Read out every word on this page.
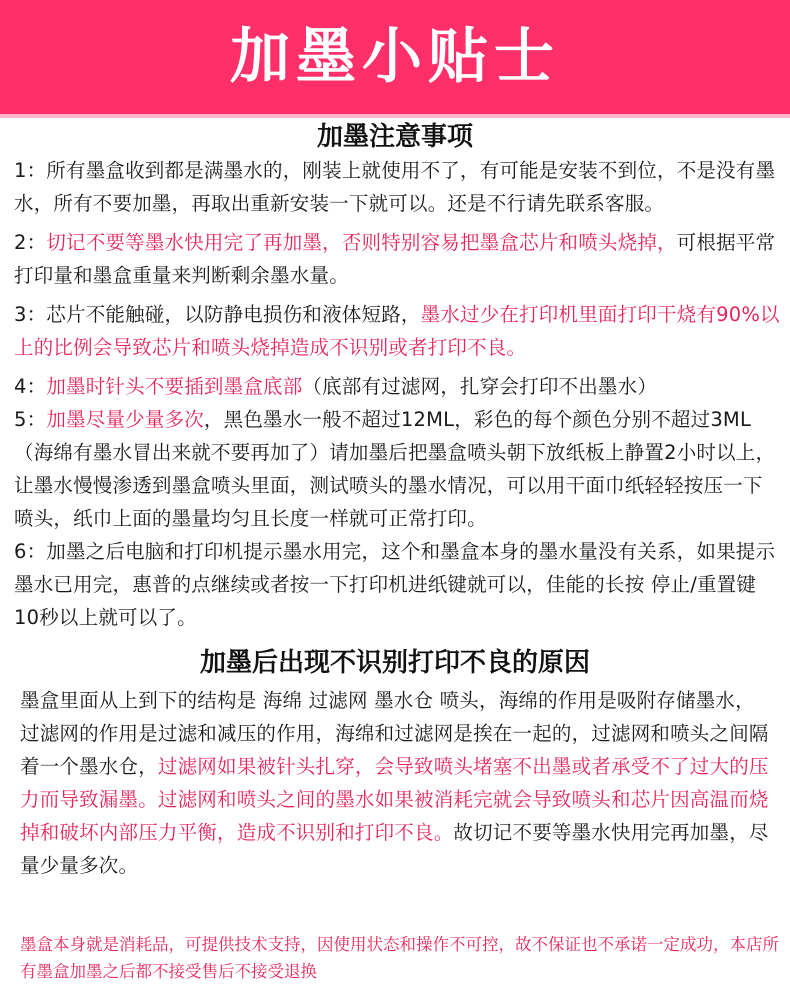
加墨小贴士
加墨注意事项
1：所有墨盒收到都是满墨水的，刚装上就使用不了，有可能是安装不到位，不是没有墨水，所有不要加墨，再取出重新安装一下就可以。还是不行请先联系客服。
2：切记不要等墨水快用完了再加墨，否则特别容易把墨盒芯片和喷头烧掉，可根据平常打印量和墨盒重量来判断剩余墨水量。
3：芯片不能触碰，以防静电损伤和液体短路，墨水过少在打印机里面打印干烧有90%以上的比例会导致芯片和喷头烧掉造成不识别或者打印不良。
4：加墨时针头不要插到墨盒底部（底部有过滤网，扎穿会打印不出墨水）
5：加墨尽量少量多次，黑色墨水一般不超过12ML，彩色的每个颜色分别不超过3ML（海绵有墨水冒出来就不要再加了）请加墨后把墨盒喷头朝下放纸板上静置2小时以上，让墨水慢慢渗透到墨盒喷头里面，测试喷头的墨水情况，可以用干面巾纸轻轻按压一下喷头，纸巾上面的墨量均匀且长度一样就可正常打印。
6：加墨之后电脑和打印机提示墨水用完，这个和墨盒本身的墨水量没有关系，如果提示墨水已用完，惠普的点继续或者按一下打印机进纸键就可以，佳能的长按 停止/重置键10秒以上就可以了。
加墨后出现不识别打印不良的原因
墨盒里面从上到下的结构是 海绵 过滤网 墨水仓 喷头，海绵的作用是吸附存储墨水，过滤网的作用是过滤和减压的作用，海绵和过滤网是挨在一起的，过滤网和喷头之间隔着一个墨水仓，过滤网如果被针头扎穿，会导致喷头堵塞不出墨或者承受不了过大的压力而导致漏墨。过滤网和喷头之间的墨水如果被消耗完就会导致喷头和芯片因高温而烧掉和破坏内部压力平衡，造成不识别和打印不良。故切记不要等墨水快用完再加墨，尽量少量多次。
墨盒本身就是消耗品，可提供技术支持，因使用状态和操作不可控，故不保证也不承诺一定成功，本店所有墨盒加墨之后都不接受售后不接受退换
